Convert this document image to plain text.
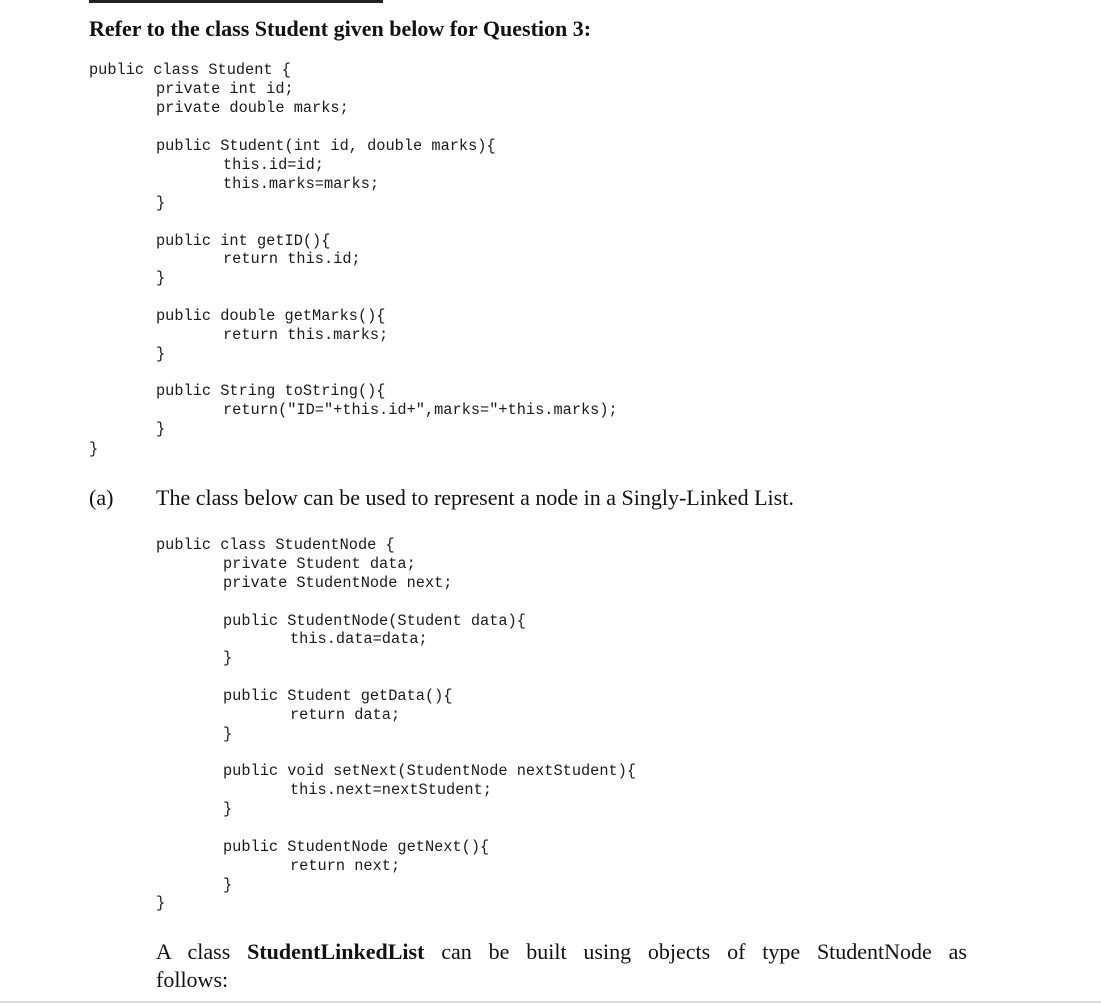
Refer to the class Student given below for Question 3:
public class Student {
private int id;
private double marks;
public Student(int id, double marks){
this.id=id;
this.marks=marks;
}
public int getID(){
return this.id;
}
public double getMarks(){
return this.marks;
}
public String toString(){
return("ID="+this.id+",marks="+this.marks);
}
}
(a) The class below can be used to represent a node in a Singly-Linked List.
public class StudentNode {
private Student data;
private StudentNode next;
public StudentNode(Student data){
this.data=data;
}
public Student getData(){
return data;
}
public void setNext(StudentNode nextStudent){
this.next=nextStudent;
}
public StudentNode getNext(){
return next;
}
}

A class StudentLinkedList can be built using objects of type StudentNode as

follows:
